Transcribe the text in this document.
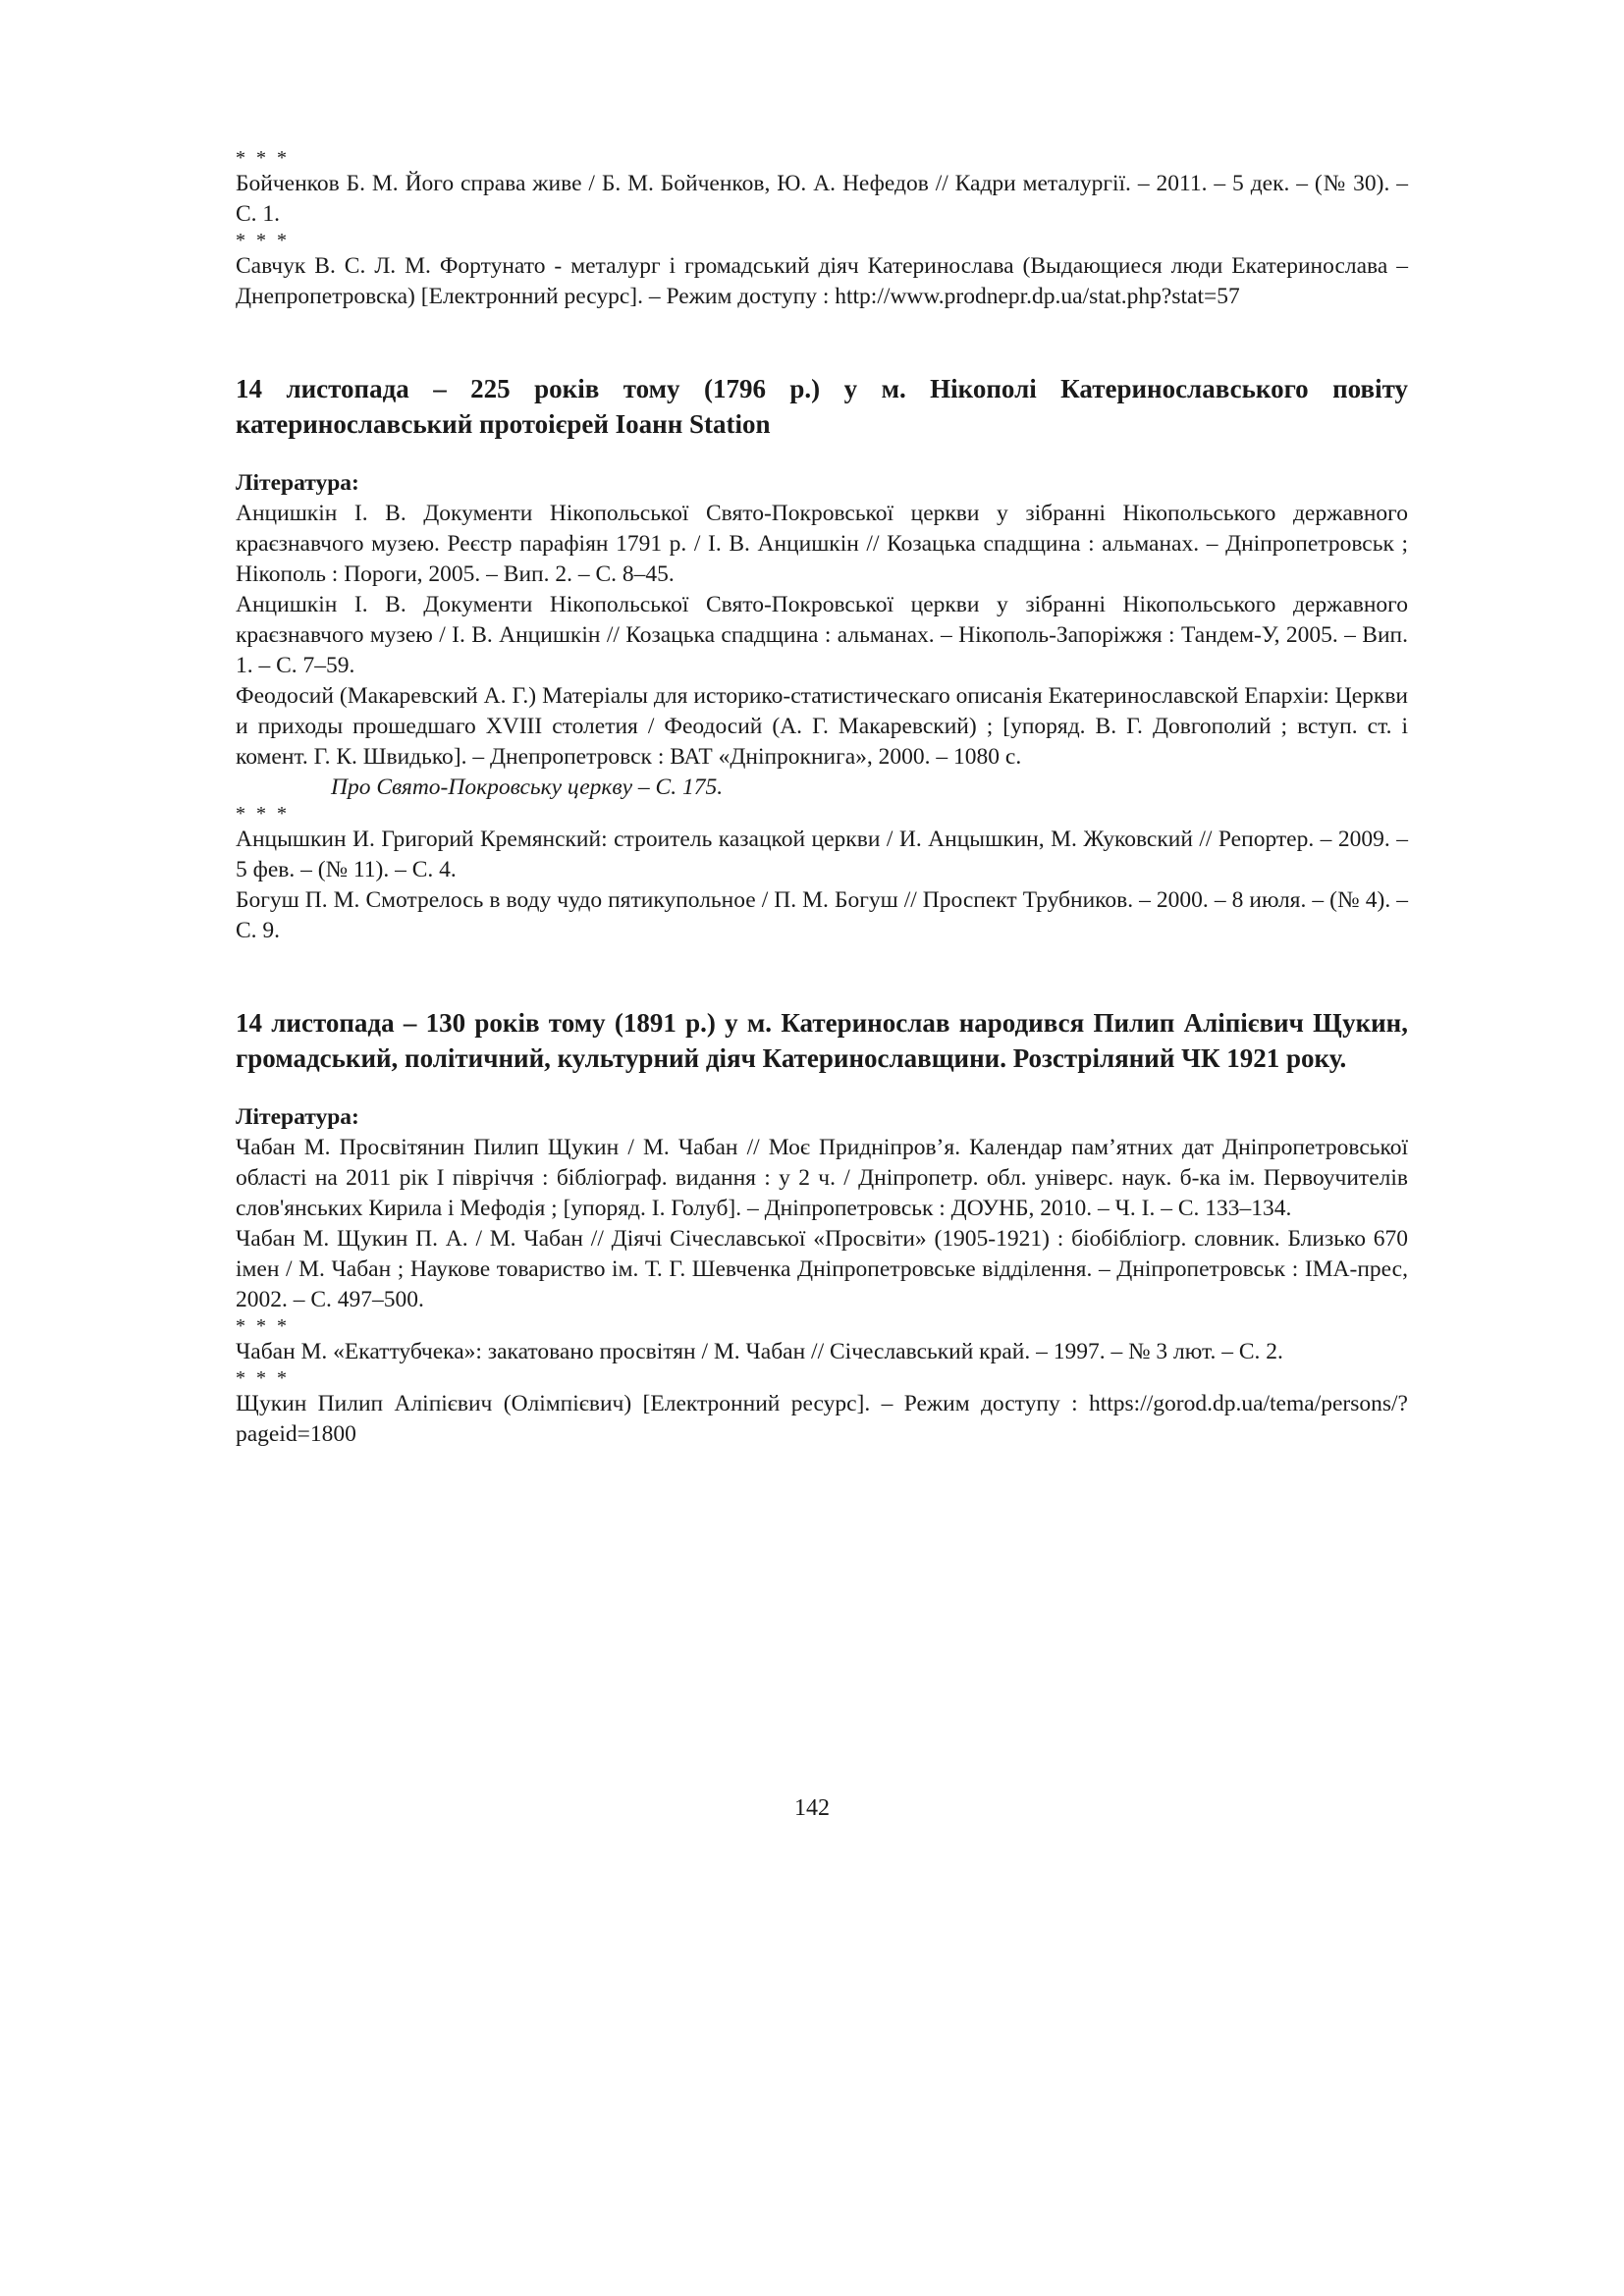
* * *

Бойченков Б. М. Його справа живе / Б. М. Бойченков, Ю. А. Нефедов // Кадри металургії. – 2011. – 5 дек. – (№ 30). – С. 1.

* * *

Савчук В. С. Л. М. Фортунато - металург і громадський діяч Катеринослава (Выдающиеся люди Екатеринослава – Днепропетровска) [Електронний ресурс]. – Режим доступу : http://www.prodnepr.dp.ua/stat.php?stat=57

14 листопада – 225 років тому (1796 р.) у м. Нікополі Катеринославського повіту катеринославський протоієрей Іоанн Station

Література:

Анцишкін І. В. Документи Нікопольської Свято-Покровської церкви у зібранні Нікопольського державного краєзнавчого музею. Реєстр парафіян 1791 р. / І. В. Анцишкін // Козацька спадщина : альманах. – Дніпропетровськ ; Нікополь : Пороги, 2005. – Вип. 2. – С. 8–45.

Анцишкін І. В. Документи Нікопольської Свято-Покровської церкви у зібранні Нікопольського державного краєзнавчого музею / І. В. Анцишкін // Козацька спадщина : альманах. – Нікополь-Запоріжжя : Тандем-У, 2005. – Вип. 1. – С. 7–59.

Феодосий (Макаревский А. Г.) Матеріалы для историко-статистическаго описанія Екатеринославской Епархіи: Церкви и приходы прошедшаго XVIII столетия / Феодосий (А. Г. Макаревский) ; [упоряд. В. Г. Довгополий ; вступ. ст. і комент. Г. К. Швидько]. – Днепропетровск : ВАТ «Дніпрокнига», 2000. – 1080 с.

Про Свято-Покровську церкву – С. 175.

* * *

Анцышкин И. Григорий Кремянский: строитель казацкой церкви / И. Анцышкин, М. Жуковский // Репортер. – 2009. – 5 фев. – (№ 11). – С. 4.

Богуш П. М. Смотрелось в воду чудо пятикупольное / П. М. Богуш // Проспект Трубников. – 2000. – 8 июля. – (№ 4). – С. 9.

14 листопада – 130 років тому (1891 р.) у м. Катеринослав народився Пилип Аліпієвич Щукин, громадський, політичний, культурний діяч Катеринославщини. Розстріляний ЧК 1921 року.

Література:

Чабан М. Просвітянин Пилип Щукин / М. Чабан // Моє Придніпров’я. Календар пам’ятних дат Дніпропетровської області на 2011 рік І півріччя : бібліограф. видання : у 2 ч. / Дніпропетр. обл. універс. наук. б-ка ім. Первоучителів слов'янських Кирила і Мефодія ; [упоряд. І. Голуб]. – Дніпропетровськ : ДОУНБ, 2010. – Ч. І. – С. 133–134.

Чабан М. Щукин П. А. / М. Чабан // Діячі Січеславської «Просвіти» (1905-1921) : біобібліогр. словник. Близько 670 імен / М. Чабан ; Наукове товариство ім. Т. Г. Шевченка Дніпропетровське відділення. – Дніпропетровськ : ІМА-прес, 2002. – С. 497–500.

* * *

Чабан М. «Екаттубчека»: закатовано просвітян / М. Чабан // Січеславський край. – 1997. – № 3 лют. – С. 2.

* * *

Щукин Пилип Аліпієвич (Олімпієвич) [Електронний ресурс]. – Режим доступу : https://gorod.dp.ua/tema/persons/?pageid=1800

142
